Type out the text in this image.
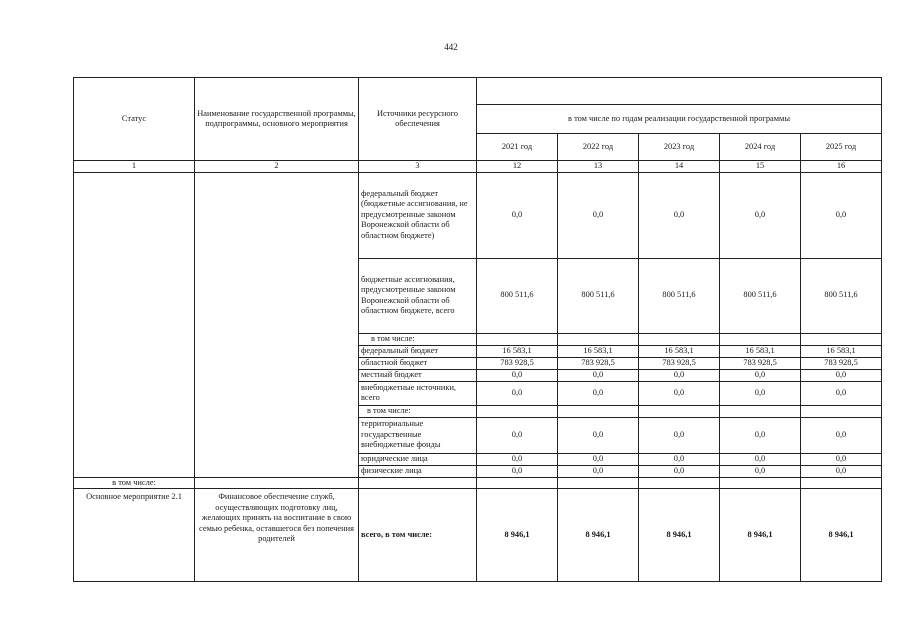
442
Статус	Наименование государственной программы, подпрограммы, основного мероприятия	Источники ресурсного обеспечения					
			в том числе по годам реализации государственной программы				
			2021 год	2022 год	2023 год	2024 год	2025 год
1	2	3	12	13	14	15	16
		федеральный бюджет (бюджетные ассигнования, не предусмотренные законом Воронежской области об областном бюджете)	0,0	0,0	0,0	0,0	0,0
		бюджетные ассигнования, предусмотренные законом Воронежской области об областном бюджете, всего	800 511,6	800 511,6	800 511,6	800 511,6	800 511,6
		в том числе:					
		федеральный бюджет	16 583,1	16 583,1	16 583,1	16 583,1	16 583,1
		областной бюджет	783 928,5	783 928,5	783 928,5	783 928,5	783 928,5
		местный бюджет	0,0	0,0	0,0	0,0	0,0
		внебюджетные источники, всего	0,0	0,0	0,0	0,0	0,0
		в том числе:					
		территориальные государственные внебюджетные фонды	0,0	0,0	0,0	0,0	0,0
		юридические лица	0,0	0,0	0,0	0,0	0,0
		физические лица	0,0	0,0	0,0	0,0	0,0
в том числе:							
Основное мероприятие 2.1	Финансовое обеспечение служб, осуществляющих подготовку лиц, желающих принять на воспитание в свою семью ребенка, оставшегося без попечения родителей	всего, в том числе:	8 946,1	8 946,1	8 946,1	8 946,1	8 946,1
